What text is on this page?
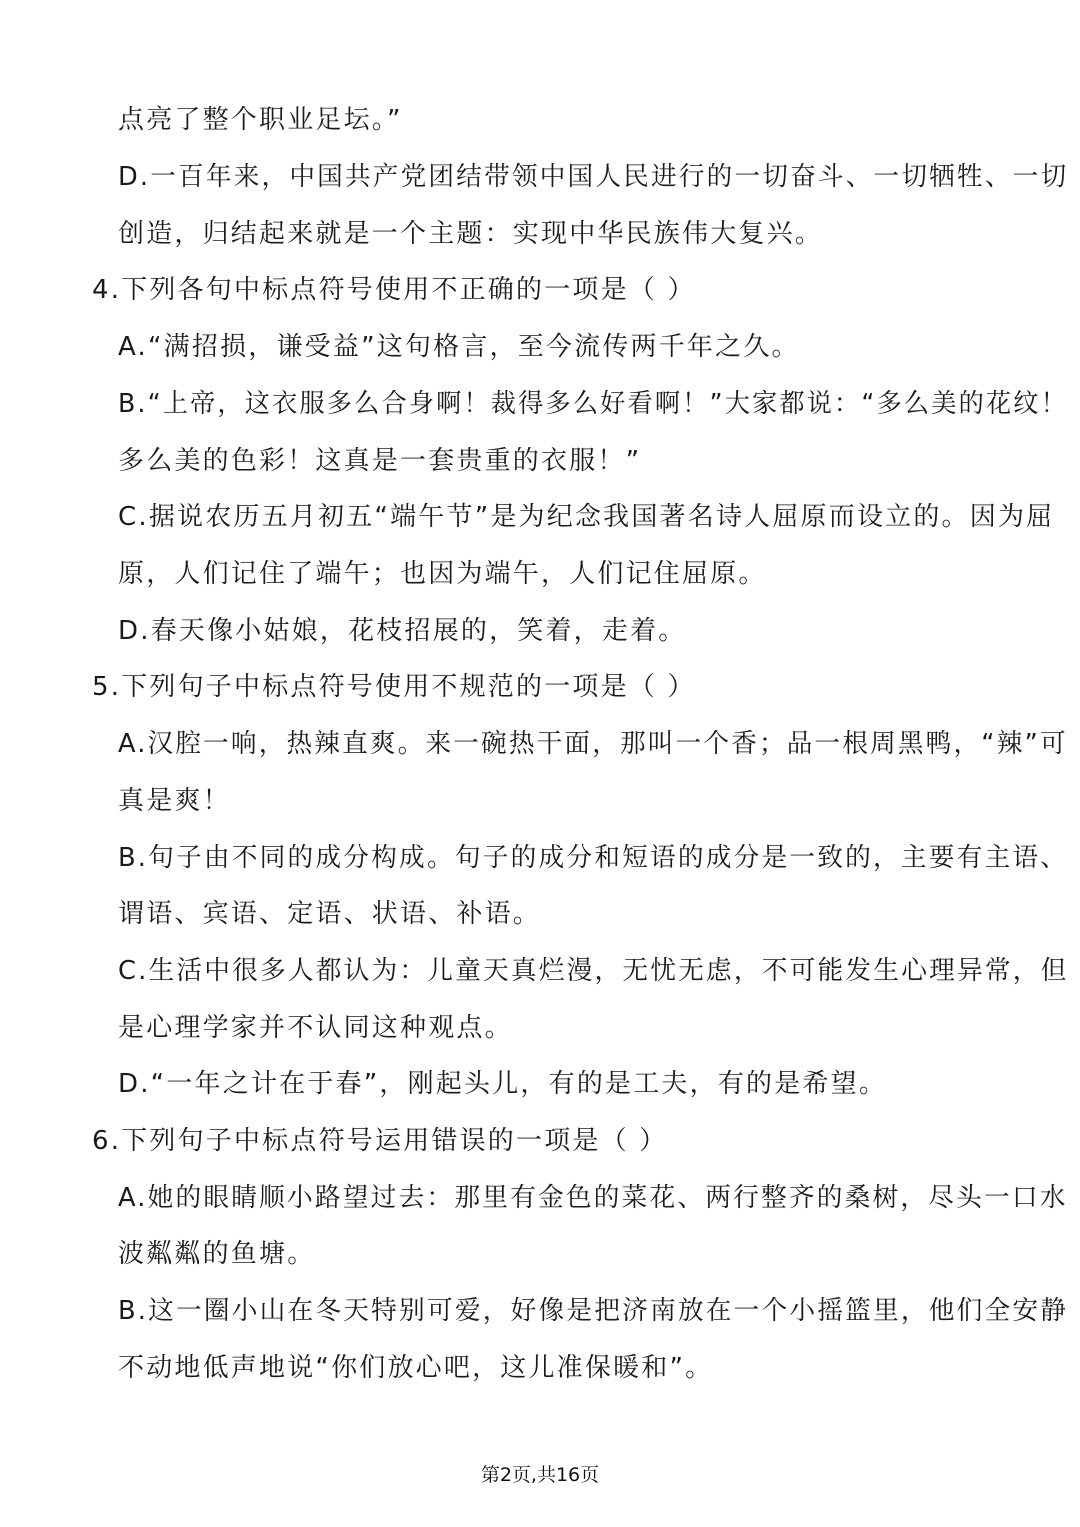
点亮了整个职业足坛。”
D.一百年来，中国共产党团结带领中国人民进行的一切奋斗、一切牺牲、一切
创造，归结起来就是一个主题：实现中华民族伟大复兴。
4.下列各句中标点符号使用不正确的一项是（ ）
A.“满招损，谦受益”这句格言，至今流传两千年之久。
B.“上帝，这衣服多么合身啊！裁得多么好看啊！”大家都说：“多么美的花纹！
多么美的色彩！这真是一套贵重的衣服！”
C.据说农历五月初五“端午节”是为纪念我国著名诗人屈原而设立的。因为屈
原，人们记住了端午；也因为端午，人们记住屈原。
D.春天像小姑娘，花枝招展的，笑着，走着。
5.下列句子中标点符号使用不规范的一项是（ ）
A.汉腔一响，热辣直爽。来一碗热干面，那叫一个香；品一根周黑鸭，“辣”可
真是爽！
B.句子由不同的成分构成。句子的成分和短语的成分是一致的，主要有主语、
谓语、宾语、定语、状语、补语。
C.生活中很多人都认为：儿童天真烂漫，无忧无虑，不可能发生心理异常，但
是心理学家并不认同这种观点。
D.“一年之计在于春”，刚起头儿，有的是工夫，有的是希望。
6.下列句子中标点符号运用错误的一项是（ ）
A.她的眼睛顺小路望过去：那里有金色的菜花、两行整齐的桑树，尽头一口水
波粼粼的鱼塘。
B.这一圈小山在冬天特别可爱，好像是把济南放在一个小摇篮里，他们全安静
不动地低声地说“你们放心吧，这儿准保暖和”。
第2页,共16页
